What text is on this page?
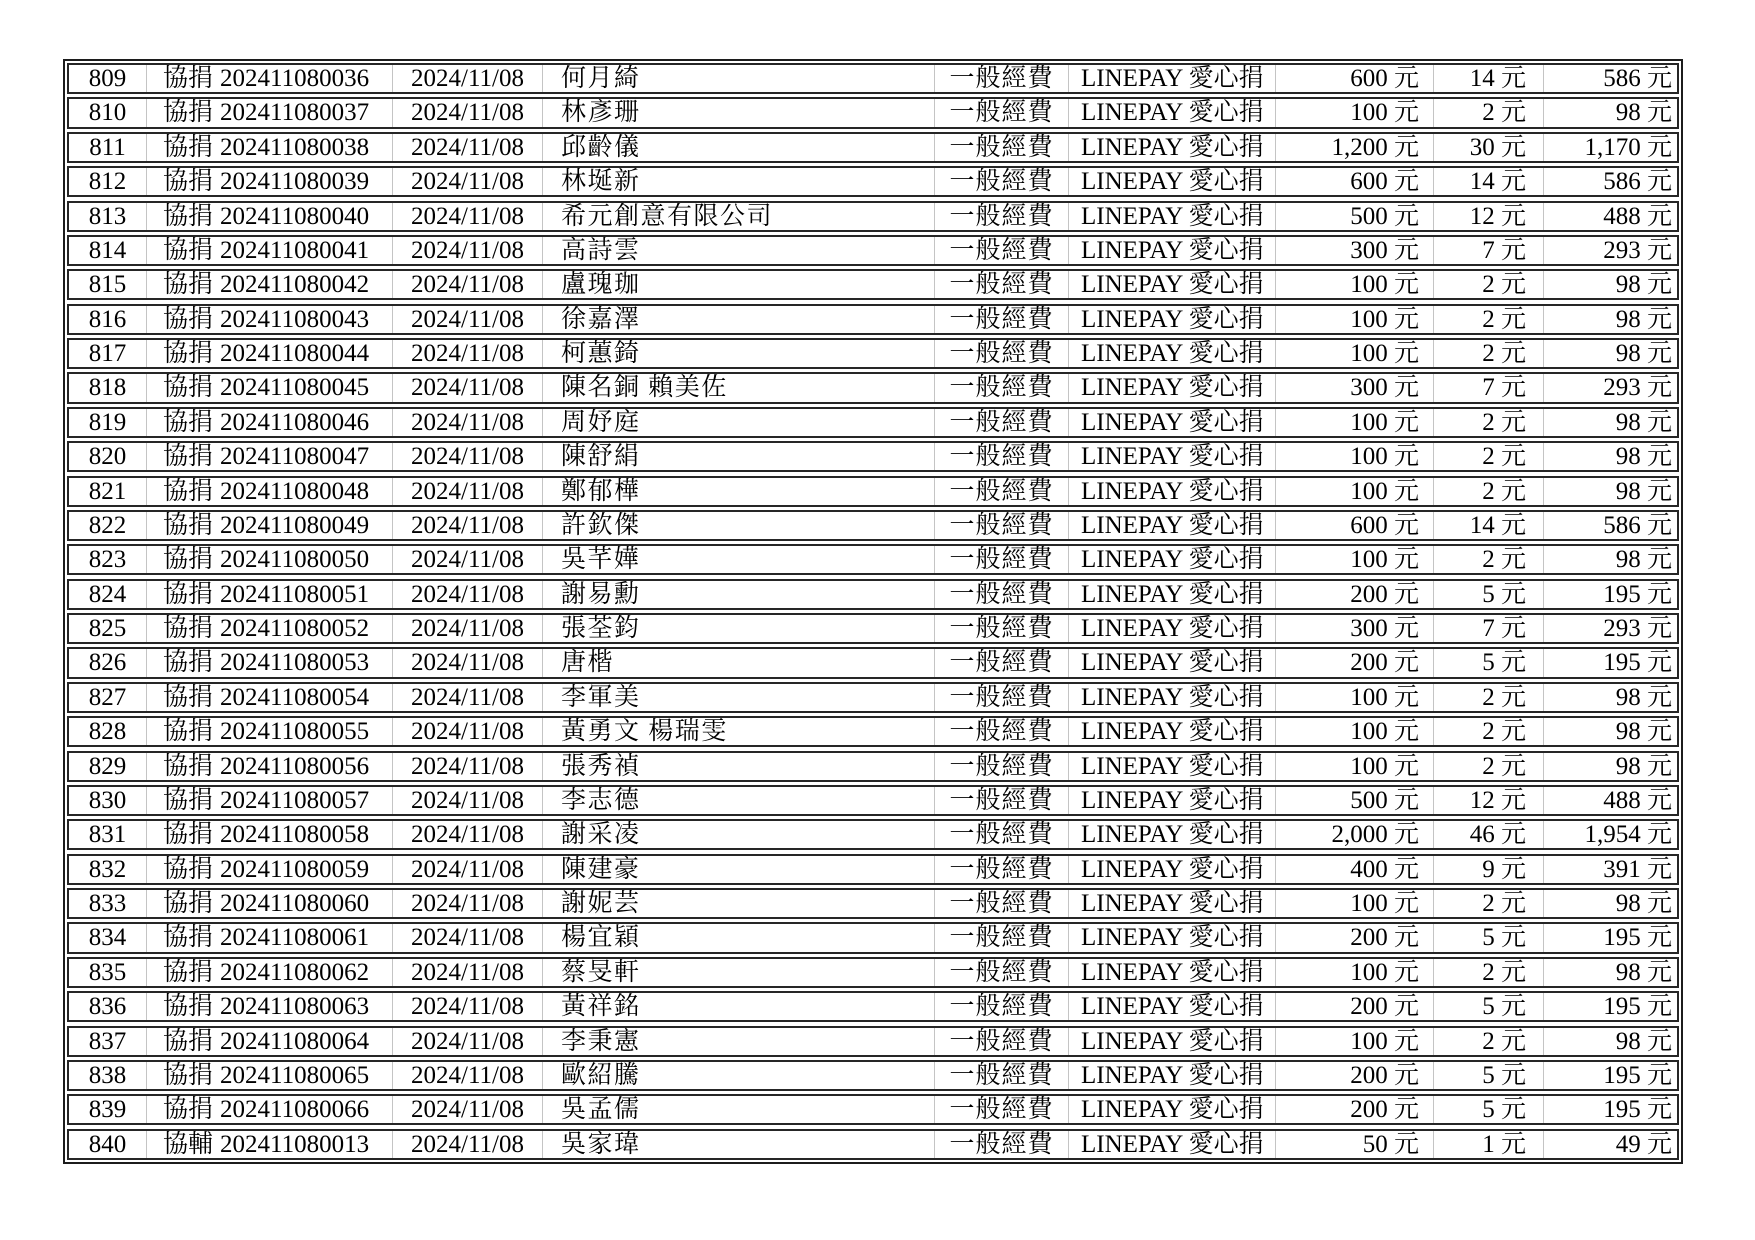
809	協捐 202411080036	2024/11/08	何月綺	一般經費	LINEPAY 愛心捐	600 元	14 元	586 元
810	協捐 202411080037	2024/11/08	林彥珊	一般經費	LINEPAY 愛心捐	100 元	2 元	98 元
811	協捐 202411080038	2024/11/08	邱齡儀	一般經費	LINEPAY 愛心捐	1,200 元	30 元	1,170 元
812	協捐 202411080039	2024/11/08	林埏新	一般經費	LINEPAY 愛心捐	600 元	14 元	586 元
813	協捐 202411080040	2024/11/08	希元創意有限公司	一般經費	LINEPAY 愛心捐	500 元	12 元	488 元
814	協捐 202411080041	2024/11/08	高詩雲	一般經費	LINEPAY 愛心捐	300 元	7 元	293 元
815	協捐 202411080042	2024/11/08	盧瑰珈	一般經費	LINEPAY 愛心捐	100 元	2 元	98 元
816	協捐 202411080043	2024/11/08	徐嘉澤	一般經費	LINEPAY 愛心捐	100 元	2 元	98 元
817	協捐 202411080044	2024/11/08	柯蕙錡	一般經費	LINEPAY 愛心捐	100 元	2 元	98 元
818	協捐 202411080045	2024/11/08	陳名銅 賴美佐	一般經費	LINEPAY 愛心捐	300 元	7 元	293 元
819	協捐 202411080046	2024/11/08	周妤庭	一般經費	LINEPAY 愛心捐	100 元	2 元	98 元
820	協捐 202411080047	2024/11/08	陳舒絹	一般經費	LINEPAY 愛心捐	100 元	2 元	98 元
821	協捐 202411080048	2024/11/08	鄭郁樺	一般經費	LINEPAY 愛心捐	100 元	2 元	98 元
822	協捐 202411080049	2024/11/08	許欽傑	一般經費	LINEPAY 愛心捐	600 元	14 元	586 元
823	協捐 202411080050	2024/11/08	吳芊嬅	一般經費	LINEPAY 愛心捐	100 元	2 元	98 元
824	協捐 202411080051	2024/11/08	謝易勳	一般經費	LINEPAY 愛心捐	200 元	5 元	195 元
825	協捐 202411080052	2024/11/08	張荃鈞	一般經費	LINEPAY 愛心捐	300 元	7 元	293 元
826	協捐 202411080053	2024/11/08	唐楷	一般經費	LINEPAY 愛心捐	200 元	5 元	195 元
827	協捐 202411080054	2024/11/08	李軍美	一般經費	LINEPAY 愛心捐	100 元	2 元	98 元
828	協捐 202411080055	2024/11/08	黃勇文 楊瑞雯	一般經費	LINEPAY 愛心捐	100 元	2 元	98 元
829	協捐 202411080056	2024/11/08	張秀禎	一般經費	LINEPAY 愛心捐	100 元	2 元	98 元
830	協捐 202411080057	2024/11/08	李志德	一般經費	LINEPAY 愛心捐	500 元	12 元	488 元
831	協捐 202411080058	2024/11/08	謝采凌	一般經費	LINEPAY 愛心捐	2,000 元	46 元	1,954 元
832	協捐 202411080059	2024/11/08	陳建豪	一般經費	LINEPAY 愛心捐	400 元	9 元	391 元
833	協捐 202411080060	2024/11/08	謝妮芸	一般經費	LINEPAY 愛心捐	100 元	2 元	98 元
834	協捐 202411080061	2024/11/08	楊宜穎	一般經費	LINEPAY 愛心捐	200 元	5 元	195 元
835	協捐 202411080062	2024/11/08	蔡旻軒	一般經費	LINEPAY 愛心捐	100 元	2 元	98 元
836	協捐 202411080063	2024/11/08	黃祥銘	一般經費	LINEPAY 愛心捐	200 元	5 元	195 元
837	協捐 202411080064	2024/11/08	李秉憲	一般經費	LINEPAY 愛心捐	100 元	2 元	98 元
838	協捐 202411080065	2024/11/08	歐紹騰	一般經費	LINEPAY 愛心捐	200 元	5 元	195 元
839	協捐 202411080066	2024/11/08	吳孟儒	一般經費	LINEPAY 愛心捐	200 元	5 元	195 元
840	協輔 202411080013	2024/11/08	吳家瑋	一般經費	LINEPAY 愛心捐	50 元	1 元	49 元
